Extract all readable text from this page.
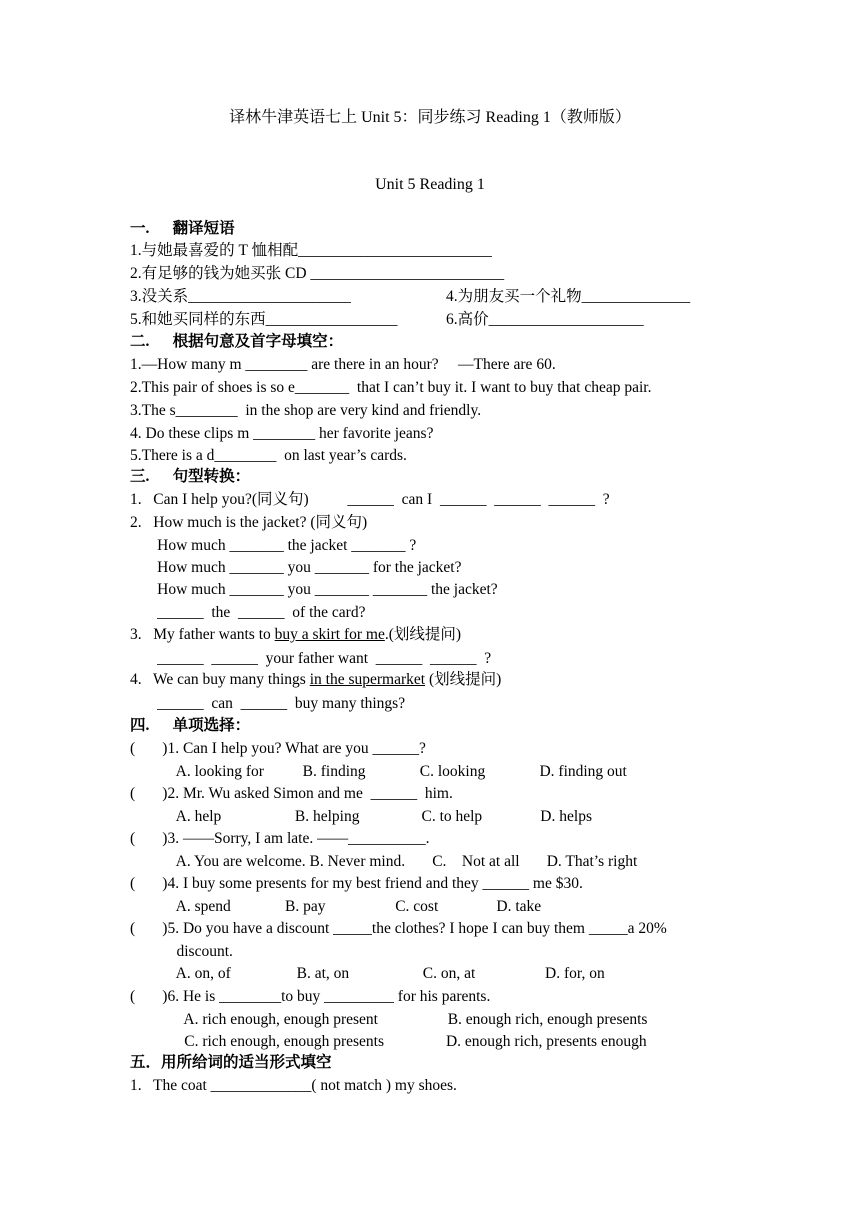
译林牛津英语七上 Unit 5：同步练习 Reading 1（教师版）
Unit 5 Reading 1
一.      翻译短语
1.与她最喜爱的 T 恤相配_________________________
2.有足够的钱为她买张 CD _________________________
3.没关系_____________________	4.为朋友买一个礼物______________
5.和她买同样的东西_________________	6.高价____________________
二.      根据句意及首字母填空：
1.—How many m ________ are there in an hour?     —There are 60.
2.This pair of shoes is so e_______  that I can’t buy it. I want to buy that cheap pair.
3.The s________  in the shop are very kind and friendly.
4. Do these clips m ________ her favorite jeans?
5.There is a d________  on last year’s cards.
三.      句型转换：
1.   Can I help you?(同义句)          ______  can I  ______  ______  ______  ?
2.   How much is the jacket? (同义句)
How much _______ the jacket _______ ?
How much _______ you _______ for the jacket?
How much _______ you _______ _______ the jacket?
______  the  ______  of the card?
3.   My father wants to buy a skirt for me.(划线提问)
______  ______  your father want  ______  ______  ?
4.   We can buy many things in the supermarket (划线提问)
______  can  ______  buy many things?
四.      单项选择：
(       )1. Can I help you? What are you ______?
A. looking for          B. finding              C. looking              D. finding out
(       )2. Mr. Wu asked Simon and me  ______  him.
A. help                   B. helping                C. to help               D. helps
(       )3. ——Sorry, I am late. ——__________.
A. You are welcome. B. Never mind.       C.    Not at all       D. That’s right
(       )4. I buy some presents for my best friend and they ______ me $30.
A. spend              B. pay                  C. cost               D. take
(       )5. Do you have a discount _____the clothes? I hope I can buy them _____a 20%
discount.
A. on, of                 B. at, on                   C. on, at                  D. for, on
(       )6. He is ________to buy _________ for his parents.
A. rich enough, enough present                  B. enough rich, enough presents
C. rich enough, enough presents                D. enough rich, presents enough
五．用所给词的适当形式填空
1.   The coat _____________( not match ) my shoes.
